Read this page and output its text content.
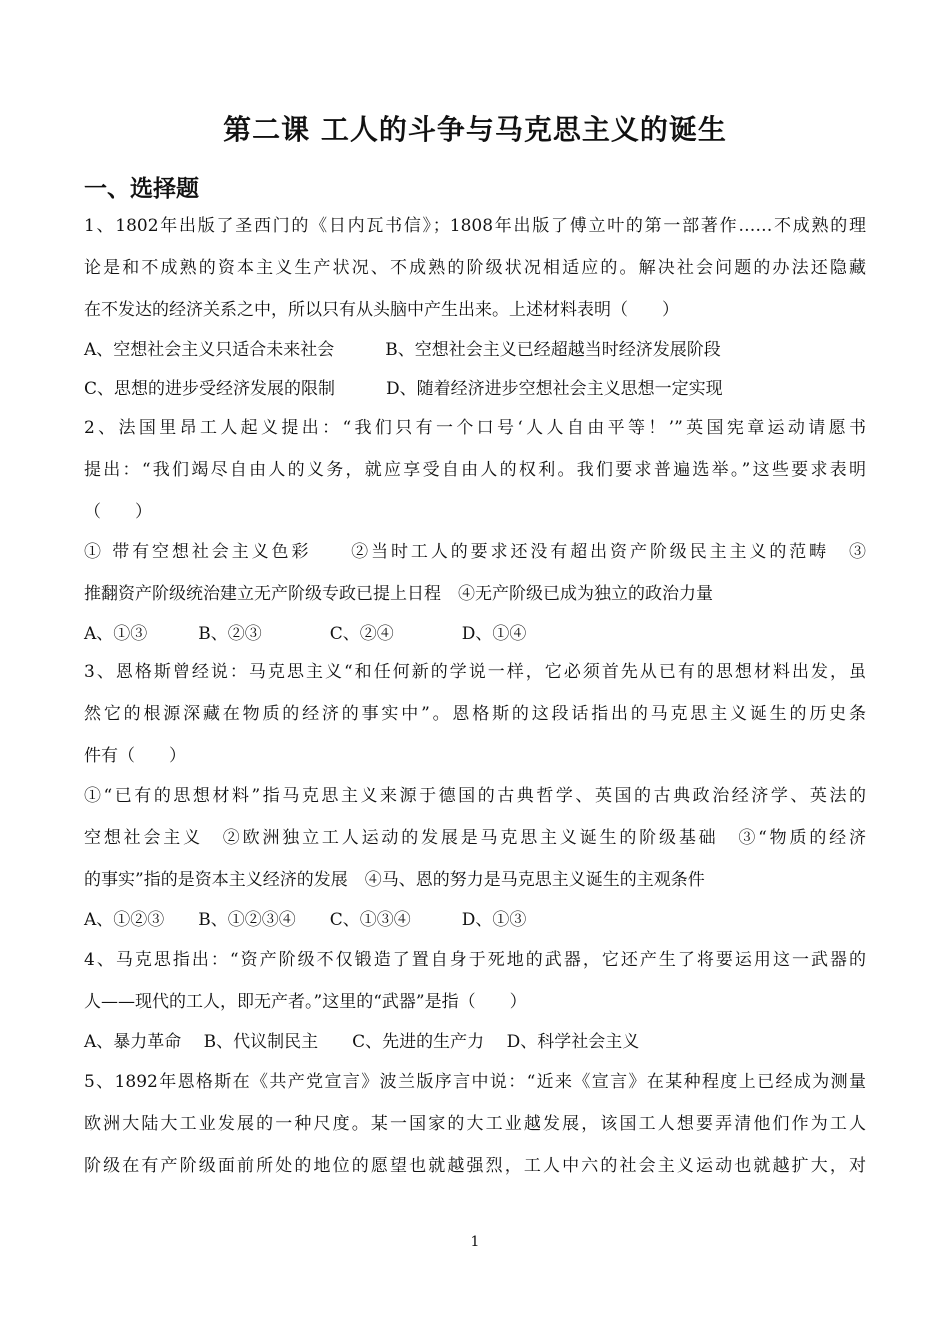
第二课 工人的斗争与马克思主义的诞生
一、选择题
1、1802年出版了圣西门的《日内瓦书信》；1808年出版了傅立叶的第一部著作……不成熟的理
论是和不成熟的资本主义生产状况、不成熟的阶级状况相适应的。解决社会问题的办法还隐藏
在不发达的经济关系之中，所以只有从头脑中产生出来。上述材料表明（　　）
A、空想社会主义只适合未来社会　　　B、空想社会主义已经超越当时经济发展阶段
C、思想的进步受经济发展的限制　　　D、随着经济进步空想社会主义思想一定实现
2、法国里昂工人起义提出：“我们只有一个口号‘人人自由平等！’”英国宪章运动请愿书
提出：“我们竭尽自由人的义务，就应享受自由人的权利。我们要求普遍选举。”这些要求表明
（　　）
① 带有空想社会主义色彩　　②当时工人的要求还没有超出资产阶级民主主义的范畴　③
推翻资产阶级统治建立无产阶级专政已提上日程　④无产阶级已成为独立的政治力量
A、①③　　　B、②③　　　　C、②④　　　　D、①④
3、恩格斯曾经说：马克思主义“和任何新的学说一样，它必须首先从已有的思想材料出发，虽
然它的根源深藏在物质的经济的事实中”。恩格斯的这段话指出的马克思主义诞生的历史条
件有（　　）
①“已有的思想材料”指马克思主义来源于德国的古典哲学、英国的古典政治经济学、英法的
空想社会主义　②欧洲独立工人运动的发展是马克思主义诞生的阶级基础　③“物质的经济
的事实”指的是资本主义经济的发展　④马、恩的努力是马克思主义诞生的主观条件
A、①②③　　B、①②③④　　C、①③④　　　D、①③
4、马克思指出：“资产阶级不仅锻造了置自身于死地的武器，它还产生了将要运用这一武器的
人——现代的工人，即无产者。”这里的“武器”是指（　　）
A、暴力革命　 B、代议制民主　　C、先进的生产力　 D、科学社会主义
5、1892年恩格斯在《共产党宣言》波兰版序言中说：“近来《宣言》在某种程度上已经成为测量
欧洲大陆大工业发展的一种尺度。某一国家的大工业越发展，该国工人想要弄清他们作为工人
阶级在有产阶级面前所处的地位的愿望也就越强烈，工人中六的社会主义运动也就越扩大，对
1
